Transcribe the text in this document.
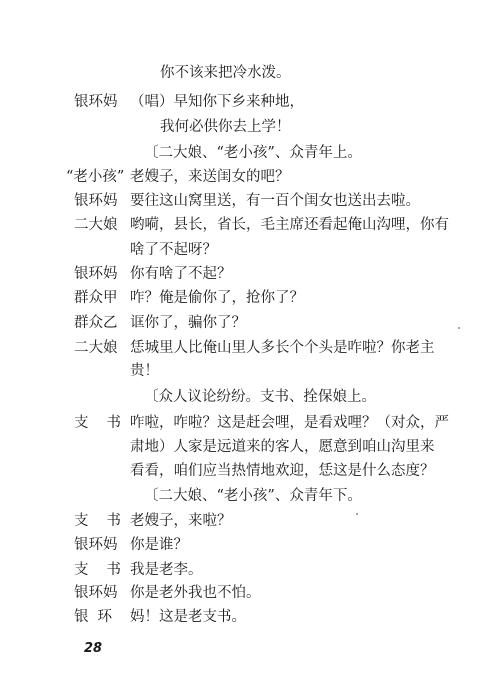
你不该来把冷水泼。
银环妈 （唱）早知你下乡来种地，
我何必供你去上学！
〔二大娘、“老小孩”、众青年上。
“老小孩” 老嫂子，来送闺女的吧？
银环妈 要往这山窝里送，有一百个闺女也送出去啦。
二大娘 哟嗬，县长，省长，毛主席还看起俺山沟哩，你有
啥了不起呀？
银环妈 你有啥了不起？
群众甲 咋？俺是偷你了，抢你了？
群众乙 诓你了，骗你了？
二大娘 恁城里人比俺山里人多长个个头是咋啦？你老主
贵！
〔众人议论纷纷。支书、拴保娘上。
支书
咋啦，咋啦？这是赶会哩，是看戏哩？（对众，严
肃地）人家是远道来的客人，愿意到咱山沟里来
看看，咱们应当热情地欢迎，恁这是什么态度？
〔二大娘、“老小孩”、众青年下。
支书
老嫂子，来啦？
银环妈 你是谁？
支书
我是老李。
银环妈 你是老外我也不怕。
银环 妈！这是老支书。
28
